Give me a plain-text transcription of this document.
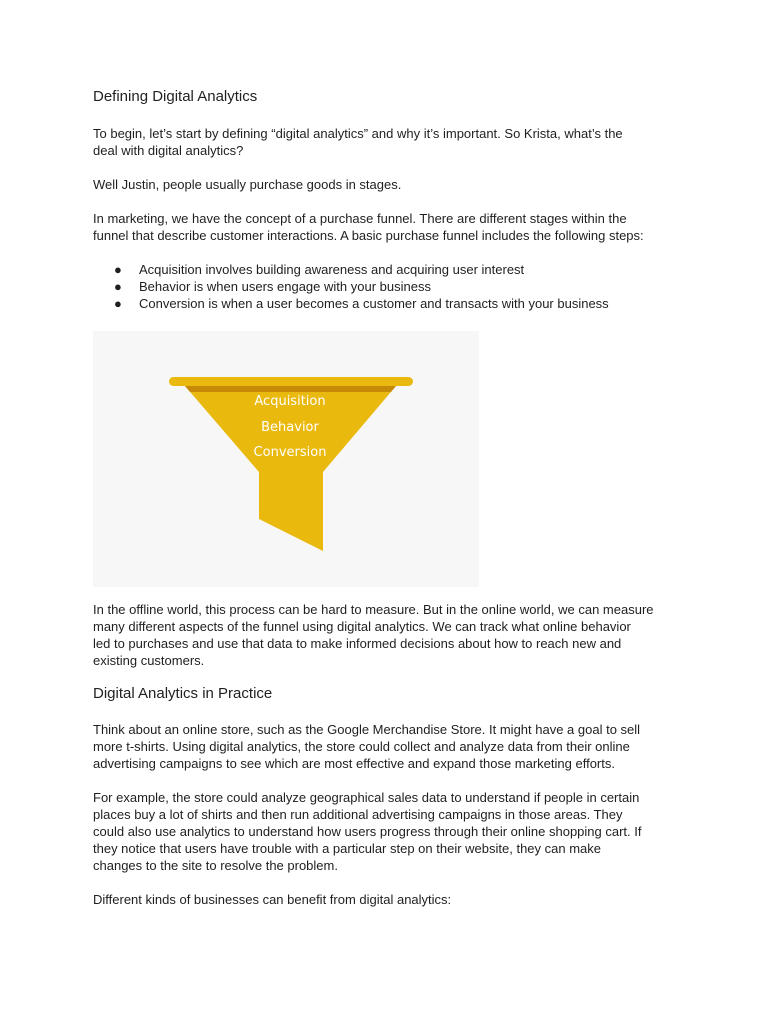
Defining Digital Analytics

To begin, let’s start by defining “digital analytics” and why it’s important. So Krista, what’s the
deal with digital analytics?

Well Justin, people usually purchase goods in stages.

In marketing, we have the concept of a purchase funnel. There are different stages within the
funnel that describe customer interactions. A basic purchase funnel includes the following steps:

● Acquisition involves building awareness and acquiring user interest
● Behavior is when users engage with your business
● Conversion is when a user becomes a customer and transacts with your business
Acquisition
Behavior
Conversion

In the offline world, this process can be hard to measure. But in the online world, we can measure
many different aspects of the funnel using digital analytics. We can track what online behavior
led to purchases and use that data to make informed decisions about how to reach new and
existing customers.

Digital Analytics in Practice

Think about an online store, such as the Google Merchandise Store. It might have a goal to sell
more t-shirts. Using digital analytics, the store could collect and analyze data from their online
advertising campaigns to see which are most effective and expand those marketing efforts.

For example, the store could analyze geographical sales data to understand if people in certain
places buy a lot of shirts and then run additional advertising campaigns in those areas. They
could also use analytics to understand how users progress through their online shopping cart. If
they notice that users have trouble with a particular step on their website, they can make
changes to the site to resolve the problem.

Different kinds of businesses can benefit from digital analytics:
